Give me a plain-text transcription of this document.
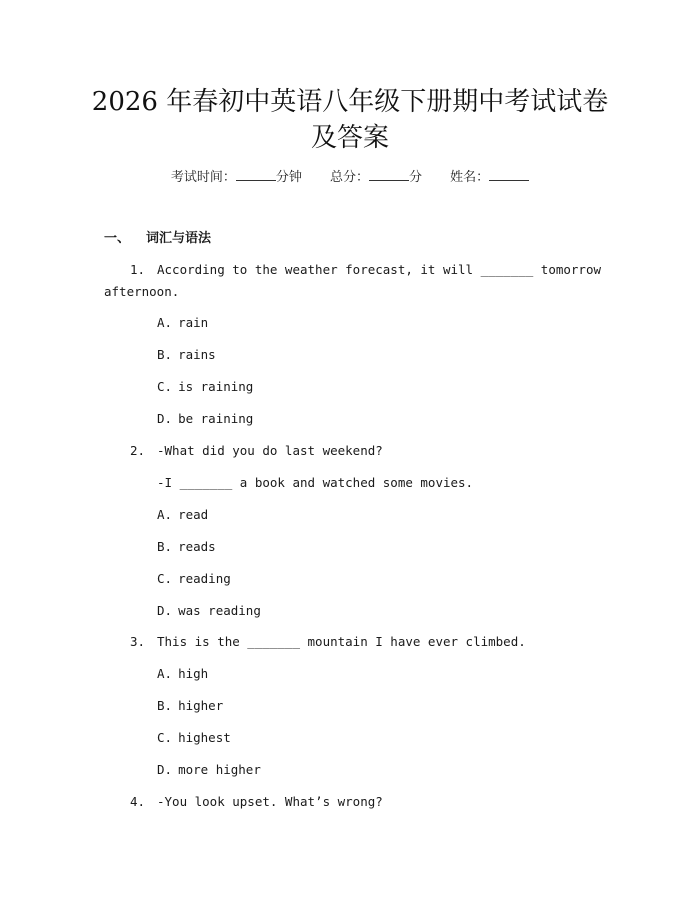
2026 年春初中英语八年级下册期中考试试卷
及答案
考试时间：	分钟 总分：	分 姓名：
一、 词汇与语法
1. According to the weather forecast, it will _______ tomorrow
afternoon.
A. rain
B. rains
C. is raining
D. be raining
2. -What did you do last weekend?
-I _______ a book and watched some movies.
A. read
B. reads
C. reading
D. was reading
3. This is the _______ mountain I have ever climbed.
A. high
B. higher
C. highest
D. more higher
4. -You look upset. What’s wrong?
